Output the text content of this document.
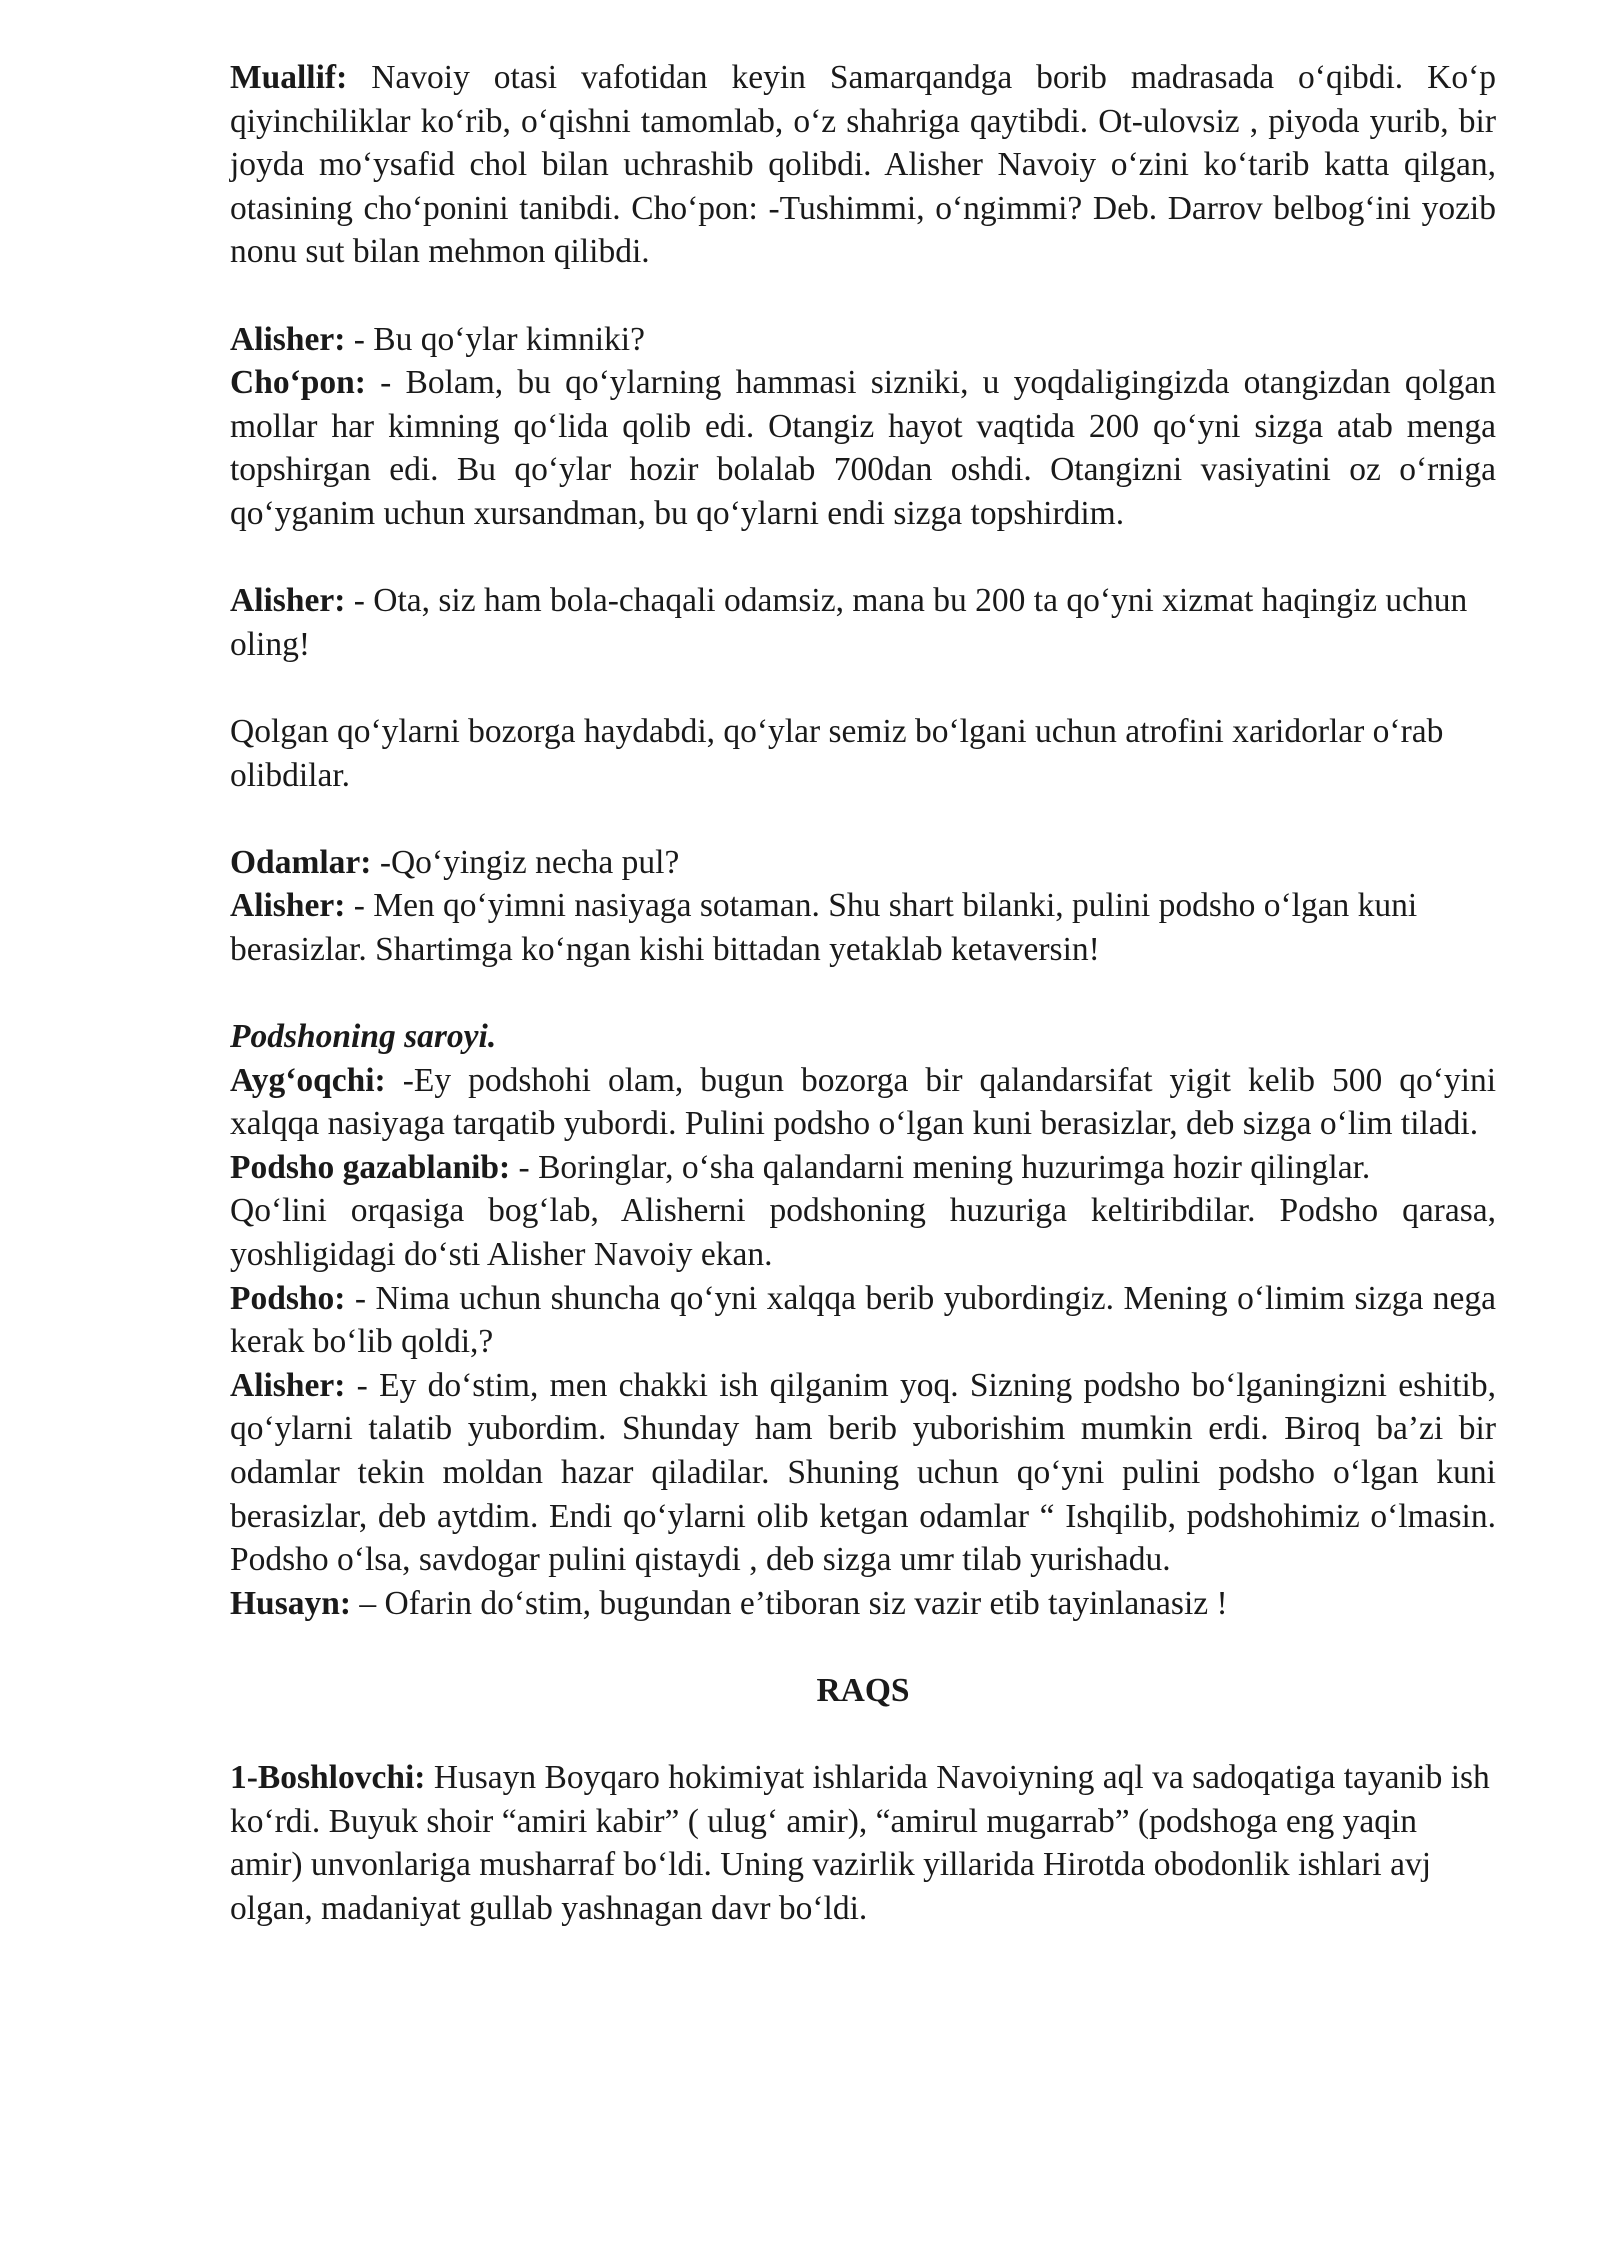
Muallif: Navoiy otasi vafotidan keyin Samarqandga borib madrasada o‘qibdi. Ko‘p qiyinchiliklar ko‘rib, o‘qishni tamomlab, o‘z shahriga qaytibdi. Ot-ulovsiz , piyoda yurib, bir joyda mo‘ysafid chol bilan uchrashib qolibdi. Alisher Navoiy o‘zini ko‘tarib katta qilgan, otasining cho‘ponini tanibdi. Cho‘pon: -Tushimmi, o‘ngimmi? Deb. Darrov belbog‘ini yozib nonu sut bilan mehmon qilibdi.

Alisher: - Bu qo‘ylar kimniki?

Cho‘pon: - Bolam, bu qo‘ylarning hammasi sizniki, u yoqdaligingizda otangizdan qolgan mollar har kimning qo‘lida qolib edi. Otangiz hayot vaqtida 200 qo‘yni sizga atab menga topshirgan edi. Bu qo‘ylar hozir bolalab 700dan oshdi. Otangizni vasiyatini oz o‘rniga qo‘yganim uchun xursandman, bu qo‘ylarni endi sizga topshirdim.

Alisher: - Ota, siz ham bola-chaqali odamsiz, mana bu 200 ta qo‘yni xizmat haqingiz uchun oling!

Qolgan qo‘ylarni bozorga haydabdi, qo‘ylar semiz bo‘lgani uchun atrofini xaridorlar o‘rab olibdilar.

Odamlar: -Qo‘yingiz necha pul?

Alisher: - Men qo‘yimni nasiyaga sotaman. Shu shart bilanki, pulini podsho o‘lgan kuni berasizlar. Shartimga ko‘ngan kishi bittadan yetaklab ketaversin!

Podshoning saroyi.

Ayg‘oqchi: -Ey podshohi olam, bugun bozorga bir qalandarsifat yigit kelib 500 qo‘yini xalqqa nasiyaga tarqatib yubordi. Pulini podsho o‘lgan kuni berasizlar, deb sizga o‘lim tiladi.

Podsho gazablanib: - Boringlar, o‘sha qalandarni mening huzurimga hozir qilinglar.

Qo‘lini orqasiga bog‘lab, Alisherni podshoning huzuriga keltiribdilar. Podsho qarasa, yoshligidagi do‘sti Alisher Navoiy ekan.

Podsho: - Nima uchun shuncha qo‘yni xalqqa berib yubordingiz. Mening o‘limim sizga nega kerak bo‘lib qoldi,?

Alisher: - Ey do‘stim, men chakki ish qilganim yoq. Sizning podsho bo‘lganingizni eshitib, qo‘ylarni talatib yubordim. Shunday ham berib yuborishim mumkin erdi. Biroq ba’zi bir odamlar tekin moldan hazar qiladilar. Shuning uchun qo‘yni pulini podsho o‘lgan kuni berasizlar, deb aytdim. Endi qo‘ylarni olib ketgan odamlar “ Ishqilib, podshohimiz o‘lmasin. Podsho o‘lsa, savdogar pulini qistaydi , deb sizga umr tilab yurishadu.

Husayn: – Ofarin do‘stim, bugundan e’tiboran siz vazir etib tayinlanasiz !

RAQS

1-Boshlovchi: Husayn Boyqaro hokimiyat ishlarida Navoiyning aql va sadoqatiga tayanib ish ko‘rdi. Buyuk shoir “amiri kabir” ( ulug‘ amir), “amirul mugarrab” (podshoga eng yaqin amir) unvonlariga musharraf bo‘ldi. Uning vazirlik yillarida Hirotda obodonlik ishlari avj olgan, madaniyat gullab yashnagan davr bo‘ldi.
